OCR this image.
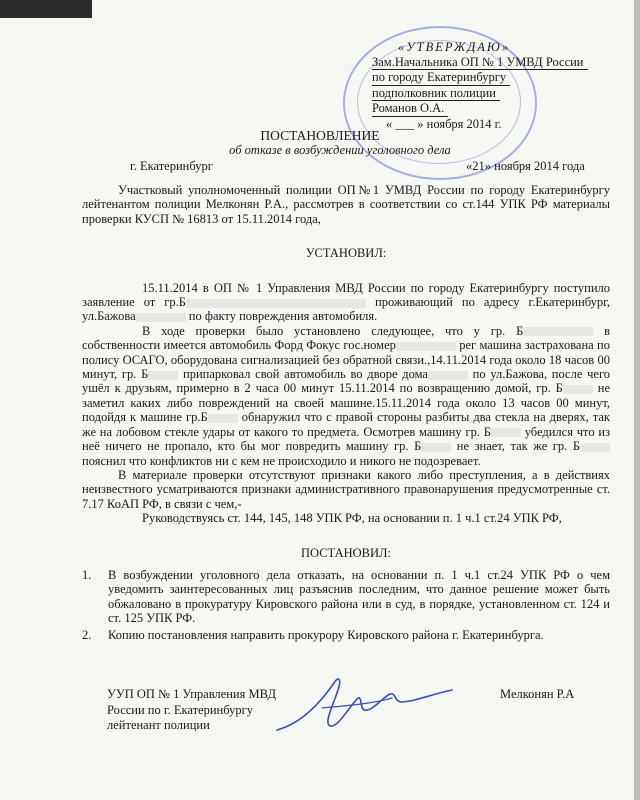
«УТВЕРЖДАЮ»
Зам.Начальника ОП № 1 УМВД России
по городу Екатеринбургу
подполковник полиции
Романов О.А.
« ___ » ноября 2014 г.
ПОСТАНОВЛЕНИЕ
об отказе в возбуждении уголовного дела
г. Екатеринбург	«21» ноября 2014 года

Участковый уполномоченный полиции ОП№1 УМВД России по городу Екатеринбургу лейтенантом полиции Мелконян Р.А., рассмотрев в соответствии со ст.144 УПК РФ материалы проверки КУСП № 16813 от 15.11.2014 года,

УСТАНОВИЛ:

15.11.2014 в ОП № 1 Управления МВД России по городу Екатеринбургу поступило заявление от гр.Б	проживающий по адресу г.Екатеринбург, ул.Бажова	по факту повреждения автомобиля.

В ходе проверки было установлено следующее, что у гр. Б	в собственности имеется автомобиль Форд Фокус гос.номер	рег машина застрахована по полису ОСАГО, оборудована сигнализацией без обратной связи.,14.11.2014 года около 18 часов 00 минут, гр. Б	припарковал свой автомобиль во дворе дома	по ул.Бажова, после чего ушёл к друзьям, примерно в 2 часа 00 минут 15.11.2014 по возвращению домой, гр. Б	не заметил каких либо повреждений на своей машине.15.11.2014 года около 13 часов 00 минут, подойдя к машине гр.Б	обнаружил что с правой стороны разбиты два стекла на дверях, так же на лобовом стекле удары от какого то предмета. Осмотрев машину гр. Б	убедился что из неё ничего не пропало, кто бы мог повредить машину гр. Б	не знает, так же гр. Б пояснил что конфликтов ни с кем не происходило и никого не подозревает.

В материале проверки отсутствуют признаки какого либо преступления, а в действиях неизвестного усматриваются признаки административного правонарушения предусмотренные ст. 7.17 КоАП РФ, в связи с чем,-

Руководствуясь ст. 144, 145, 148 УПК РФ, на основании п. 1 ч.1 ст.24 УПК РФ,

ПОСТАНОВИЛ:

1.	В возбуждении уголовного дела отказать, на основании п. 1 ч.1 ст.24 УПК РФ о чем уведомить заинтересованных лиц разъяснив последним, что данное решение может быть обжаловано в прокуратуру Кировского района или в суд, в порядке, установленном ст. 124 и ст. 125 УПК РФ.
2.	Копию постановления направить прокурору Кировского района г. Екатеринбурга.
УУП ОП № 1 Управления МВД
России по г. Екатеринбургу
лейтенант полиции
Мелконян Р.А
